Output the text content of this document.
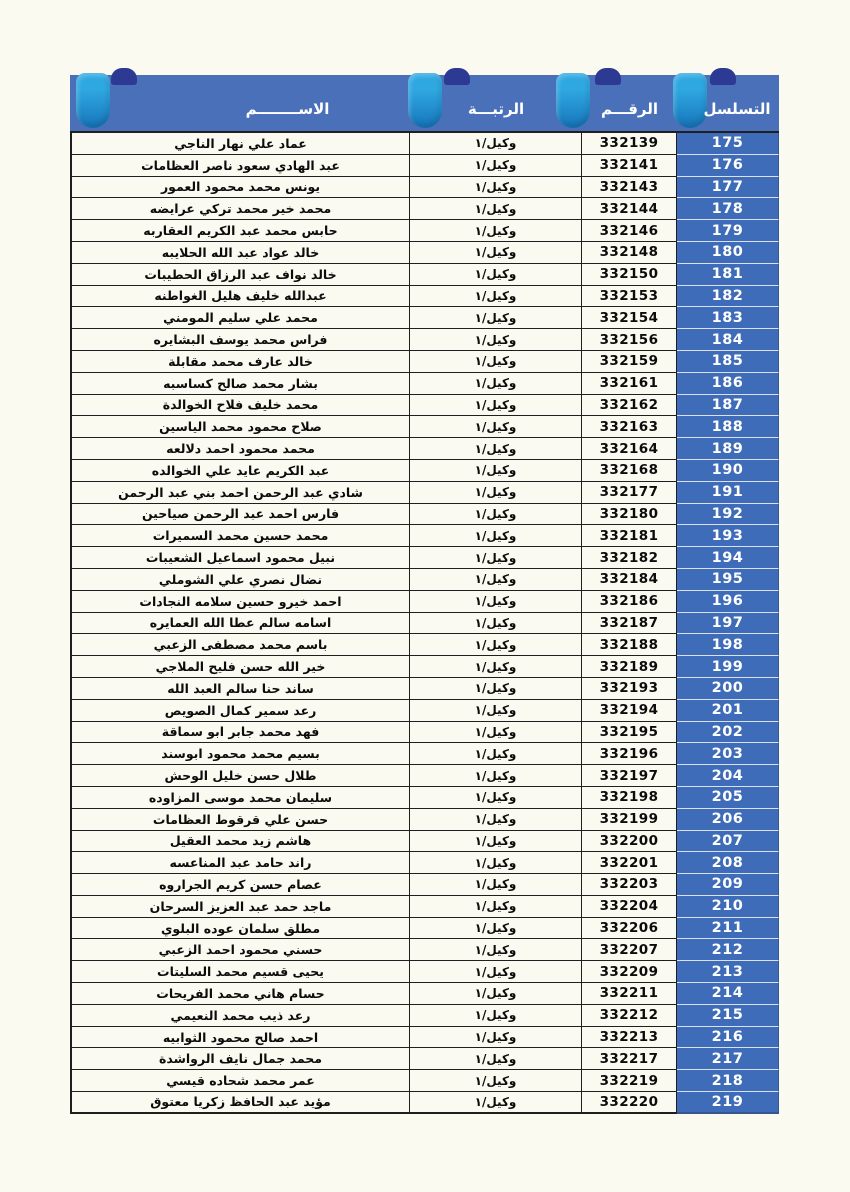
الاســــــــم	الرتبـــة	الرقـــم	التسلسل
عماد علي نهار الناجي	وكيل/١	332139	175
عبد الهادي سعود ناصر العظامات	وكيل/١	332141	176
يونس محمد محمود العمور	وكيل/١	332143	177
محمد خير محمد تركي عرايضه	وكيل/١	332144	178
حابس محمد عبد الكريم العقاربه	وكيل/١	332146	179
خالد عواد عبد الله الحلايبه	وكيل/١	332148	180
خالد نواف عبد الرزاق الحطيبات	وكيل/١	332150	181
عبدالله خليف هليل الغواطنه	وكيل/١	332153	182
محمد علي سليم المومني	وكيل/١	332154	183
فراس محمد يوسف البشايره	وكيل/١	332156	184
خالد عارف محمد مقابلة	وكيل/١	332159	185
بشار محمد صالح كساسبه	وكيل/١	332161	186
محمد خليف فلاح الخوالدة	وكيل/١	332162	187
صلاح محمود محمد الياسين	وكيل/١	332163	188
محمد محمود احمد دلالعه	وكيل/١	332164	189
عبد الكريم عايد علي الخوالده	وكيل/١	332168	190
شادي عبد الرحمن احمد بني عبد الرحمن	وكيل/١	332177	191
فارس احمد عبد الرحمن صياحين	وكيل/١	332180	192
محمد حسين محمد السميرات	وكيل/١	332181	193
نبيل محمود اسماعيل الشعيبات	وكيل/١	332182	194
نضال نصري علي الشوملي	وكيل/١	332184	195
احمد خيرو حسين سلامه النجادات	وكيل/١	332186	196
اسامه سالم عطا الله العمايره	وكيل/١	332187	197
باسم محمد مصطفى الزعبي	وكيل/١	332188	198
خير الله حسن فليح الملاجي	وكيل/١	332189	199
ساند حنا سالم العبد الله	وكيل/١	332193	200
رعد سمير كمال الصويص	وكيل/١	332194	201
فهد محمد جابر ابو سماقة	وكيل/١	332195	202
بسيم محمد محمود ابوسند	وكيل/١	332196	203
طلال حسن خليل الوحش	وكيل/١	332197	204
سليمان محمد موسى المزاوده	وكيل/١	332198	205
حسن علي قرقوط العظامات	وكيل/١	332199	206
هاشم زيد محمد العقيل	وكيل/١	332200	207
راند حامد عبد المناعسه	وكيل/١	332201	208
عصام حسن كريم الجراروه	وكيل/١	332203	209
ماجد حمد عبد العزيز السرحان	وكيل/١	332204	210
مطلق سلمان عوده البلوي	وكيل/١	332206	211
حسني محمود احمد الزعبي	وكيل/١	332207	212
يحيى قسيم محمد السليتات	وكيل/١	332209	213
حسام هاني محمد الفريحات	وكيل/١	332211	214
رعد ذيب محمد النعيمي	وكيل/١	332212	215
احمد صالح محمود الثوابيه	وكيل/١	332213	216
محمد جمال نايف الرواشدة	وكيل/١	332217	217
عمر محمد شحاده قيسي	وكيل/١	332219	218
مؤيد عبد الحافظ زكريا معتوق	وكيل/١	332220	219
